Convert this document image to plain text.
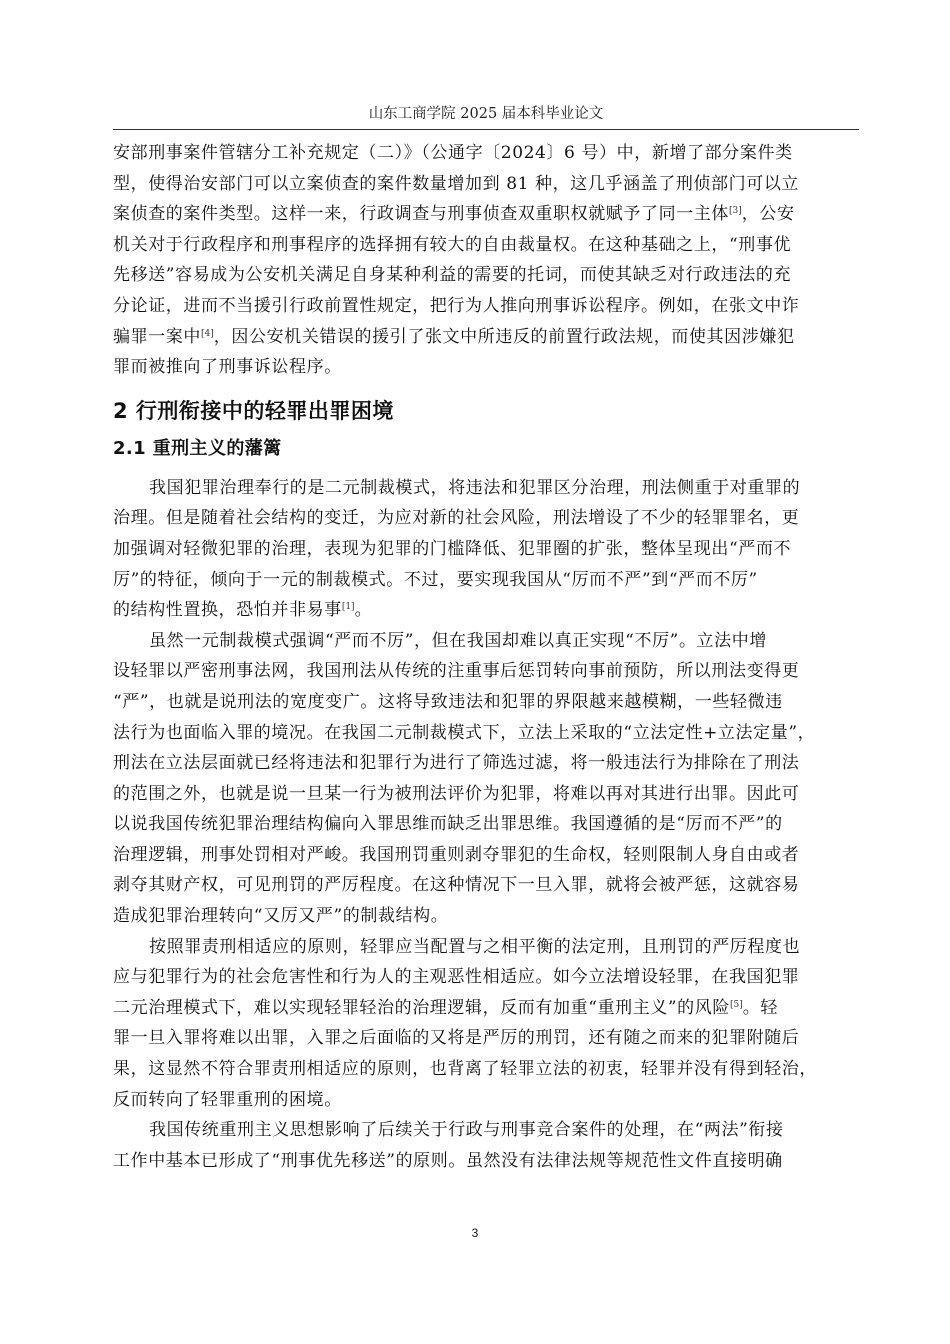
山东工商学院 2025 届本科毕业论文

安部刑事案件管辖分工补充规定（二）》（公通字〔2024〕6 号）中，新增了部分案件类
型，使得治安部门可以立案侦查的案件数量增加到 81 种，这几乎涵盖了刑侦部门可以立
案侦查的案件类型。这样一来，行政调查与刑事侦查双重职权就赋予了同一主体[3]，公安
机关对于行政程序和刑事程序的选择拥有较大的自由裁量权。在这种基础之上，“刑事优
先移送”容易成为公安机关满足自身某种利益的需要的托词，而使其缺乏对行政违法的充
分论证，进而不当援引行政前置性规定，把行为人推向刑事诉讼程序。例如，在张文中诈
骗罪一案中[4]，因公安机关错误的援引了张文中所违反的前置行政法规，而使其因涉嫌犯
罪而被推向了刑事诉讼程序。

2 行刑衔接中的轻罪出罪困境
2.1 重刑主义的藩篱

我国犯罪治理奉行的是二元制裁模式，将违法和犯罪区分治理，刑法侧重于对重罪的
治理。但是随着社会结构的变迁，为应对新的社会风险，刑法增设了不少的轻罪罪名，更
加强调对轻微犯罪的治理，表现为犯罪的门槛降低、犯罪圈的扩张，整体呈现出“严而不
厉”的特征，倾向于一元的制裁模式。不过，要实现我国从“厉而不严”到“严而不厉”
的结构性置换，恐怕并非易事[1]。

虽然一元制裁模式强调“严而不厉”，但在我国却难以真正实现“不厉”。立法中增
设轻罪以严密刑事法网，我国刑法从传统的注重事后惩罚转向事前预防，所以刑法变得更
“严”，也就是说刑法的宽度变广。这将导致违法和犯罪的界限越来越模糊，一些轻微违
法行为也面临入罪的境况。在我国二元制裁模式下，立法上采取的“立法定性+立法定量”，
刑法在立法层面就已经将违法和犯罪行为进行了筛选过滤，将一般违法行为排除在了刑法
的范围之外，也就是说一旦某一行为被刑法评价为犯罪，将难以再对其进行出罪。因此可
以说我国传统犯罪治理结构偏向入罪思维而缺乏出罪思维。我国遵循的是“厉而不严”的
治理逻辑，刑事处罚相对严峻。我国刑罚重则剥夺罪犯的生命权，轻则限制人身自由或者
剥夺其财产权，可见刑罚的严厉程度。在这种情况下一旦入罪，就将会被严惩，这就容易
造成犯罪治理转向“又厉又严”的制裁结构。

按照罪责刑相适应的原则，轻罪应当配置与之相平衡的法定刑，且刑罚的严厉程度也
应与犯罪行为的社会危害性和行为人的主观恶性相适应。如今立法增设轻罪，在我国犯罪
二元治理模式下，难以实现轻罪轻治的治理逻辑，反而有加重“重刑主义”的风险[5]。轻
罪一旦入罪将难以出罪，入罪之后面临的又将是严厉的刑罚，还有随之而来的犯罪附随后
果，这显然不符合罪责刑相适应的原则，也背离了轻罪立法的初衷，轻罪并没有得到轻治，
反而转向了轻罪重刑的困境。

我国传统重刑主义思想影响了后续关于行政与刑事竞合案件的处理，在“两法”衔接
工作中基本已形成了“刑事优先移送”的原则。虽然没有法律法规等规范性文件直接明确

3
